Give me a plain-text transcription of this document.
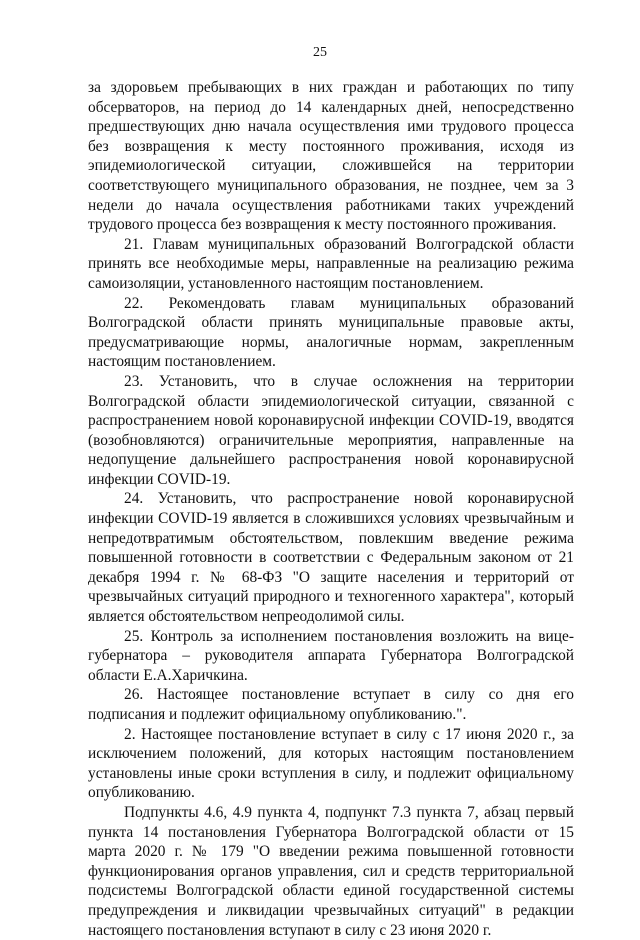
25

за здоровьем пребывающих в них граждан и работающих по типу обсерваторов, на период до 14 календарных дней, непосредственно предшествующих дню начала осуществления ими трудового процесса без возвращения к месту постоянного проживания, исходя из эпидемиологической ситуации, сложившейся на территории соответствующего муниципального образования, не позднее, чем за 3 недели до начала осуществления работниками таких учреждений трудового процесса без возвращения к месту постоянного проживания.

21. Главам муниципальных образований Волгоградской области принять все необходимые меры, направленные на реализацию режима самоизоляции, установленного настоящим постановлением.

22. Рекомендовать главам муниципальных образований Волгоградской области принять муниципальные правовые акты, предусматривающие нормы, аналогичные нормам, закрепленным настоящим постановлением.

23. Установить, что в случае осложнения на территории Волгоградской области эпидемиологической ситуации, связанной с распространением новой коронавирусной инфекции COVID-19, вводятся (возобновляются) ограничительные мероприятия, направленные на недопущение дальнейшего распространения новой коронавирусной инфекции COVID-19.

24. Установить, что распространение новой коронавирусной инфекции COVID-19 является в сложившихся условиях чрезвычайным и непредотвратимым обстоятельством, повлекшим введение режима повышенной готовности в соответствии с Федеральным законом от 21 декабря 1994 г. № 68-ФЗ "О защите населения и территорий от чрезвычайных ситуаций природного и техногенного характера", который является обстоятельством непреодолимой силы.

25. Контроль за исполнением постановления возложить на вице-губернатора – руководителя аппарата Губернатора Волгоградской области Е.А.Харичкина.

26. Настоящее постановление вступает в силу со дня его подписания и подлежит официальному опубликованию.".

2. Настоящее постановление вступает в силу с 17 июня 2020 г., за исключением положений, для которых настоящим постановлением установлены иные сроки вступления в силу, и подлежит официальному опубликованию.

Подпункты 4.6, 4.9 пункта 4, подпункт 7.3 пункта 7, абзац первый пункта 14 постановления Губернатора Волгоградской области от 15 марта 2020 г. № 179 "О введении режима повышенной готовности функционирования органов управления, сил и средств территориальной подсистемы Волгоградской области единой государственной системы предупреждения и ликвидации чрезвычайных ситуаций" в редакции настоящего постановления вступают в силу с 23 июня 2020 г.
